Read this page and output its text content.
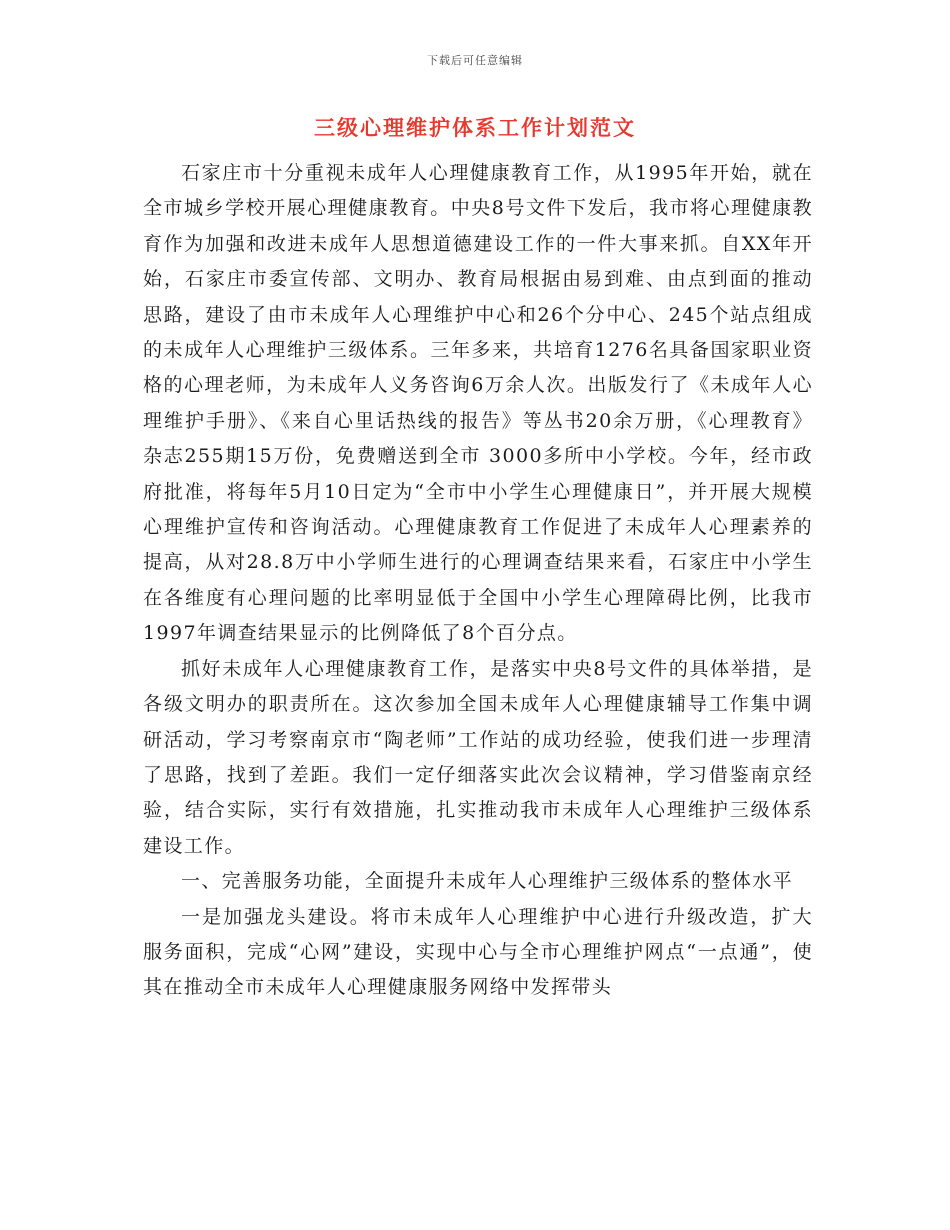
下载后可任意编辑
三级心理维护体系工作计划范文

石家庄市十分重视未成年人心理健康教育工作，从1995年开始，就在全市城乡学校开展心理健康教育。中央8号文件下发后，我市将心理健康教育作为加强和改进未成年人思想道德建设工作的一件大事来抓。自XX年开始，石家庄市委宣传部、文明办、教育局根据由易到难、由点到面的推动思路，建设了由市未成年人心理维护中心和26个分中心、245个站点组成的未成年人心理维护三级体系。三年多来，共培育1276名具备国家职业资格的心理老师，为未成年人义务咨询6万余人次。出版发行了《未成年人心理维护手册》、《来自心里话热线的报告》等丛书20余万册，《心理教育》杂志255期15万份，免费赠送到全市 3000多所中小学校。今年，经市政府批准，将每年5月10日定为“全市中小学生心理健康日”，并开展大规模心理维护宣传和咨询活动。心理健康教育工作促进了未成年人心理素养的提高，从对28.8万中小学师生进行的心理调查结果来看，石家庄中小学生在各维度有心理问题的比率明显低于全国中小学生心理障碍比例，比我市1997年调查结果显示的比例降低了8个百分点。

抓好未成年人心理健康教育工作，是落实中央8号文件的具体举措，是各级文明办的职责所在。这次参加全国未成年人心理健康辅导工作集中调研活动，学习考察南京市“陶老师”工作站的成功经验，使我们进一步理清了思路，找到了差距。我们一定仔细落实此次会议精神，学习借鉴南京经验，结合实际，实行有效措施，扎实推动我市未成年人心理维护三级体系建设工作。

一、完善服务功能，全面提升未成年人心理维护三级体系的整体水平

一是加强龙头建设。将市未成年人心理维护中心进行升级改造，扩大服务面积，完成“心网”建设，实现中心与全市心理维护网点“一点通”，使其在推动全市未成年人心理健康服务网络中发挥带头
